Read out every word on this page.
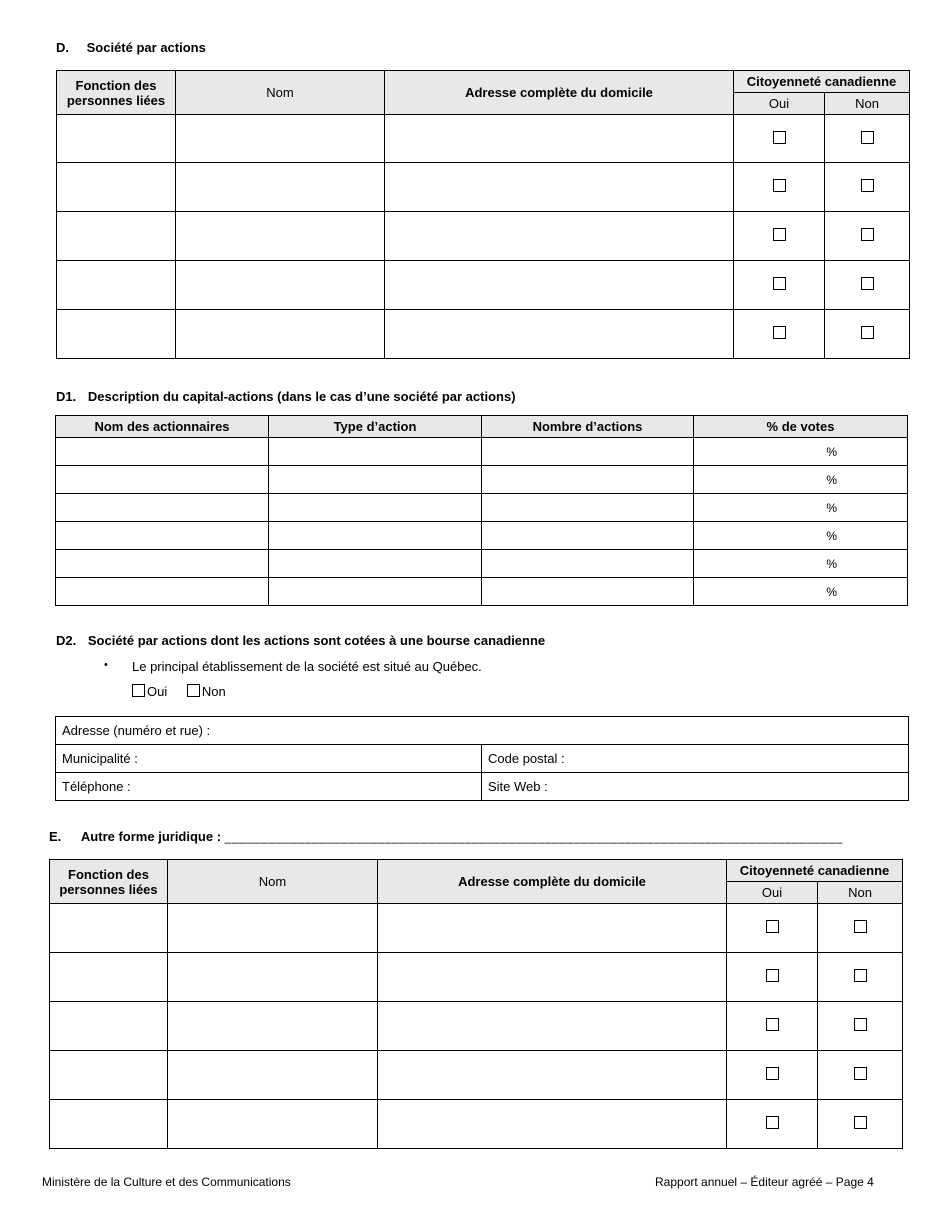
D. Société par actions
Fonction des personnes liées	Nom	Adresse complète du domicile	Citoyenneté canadienne	
			Oui	Non

D1. Description du capital-actions (dans le cas d’une société par actions)
Nom des actionnaires	Type d’action	Nombre d’actions	% de votes
			%
			%
			%
			%
			%
			%
D2. Société par actions dont les actions sont cotées à une bourse canadienne
• Le principal établissement de la société est situé au Québec.
Oui	Non
Adresse (numéro et rue) :	
Municipalité :	Code postal :
Téléphone :	Site Web :
E. Autre forme juridique : _____________________________________________________________________________________
Fonction des personnes liées	Nom	Adresse complète du domicile	Citoyenneté canadienne	
			Oui	Non

Ministère de la Culture et des Communications	Rapport annuel – Éditeur agréé – Page 4
